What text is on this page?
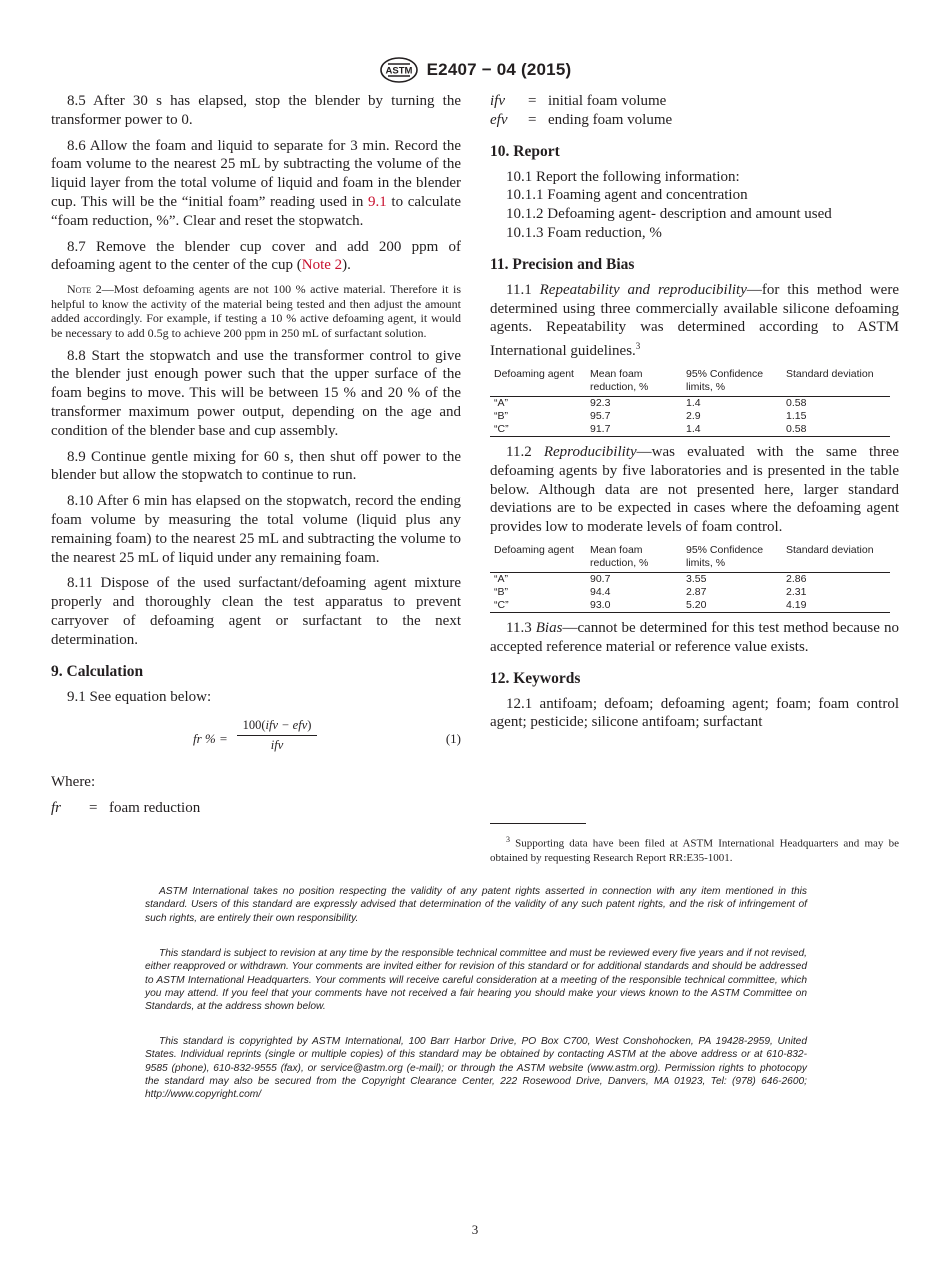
ASTM E2407 − 04 (2015)

8.5 After 30 s has elapsed, stop the blender by turning the transformer power to 0.

8.6 Allow the foam and liquid to separate for 3 min. Record the foam volume to the nearest 25 mL by subtracting the volume of the liquid layer from the total volume of liquid and foam in the blender cup. This will be the “initial foam” reading used in 9.1 to calculate “foam reduction, %”. Clear and reset the stopwatch.

8.7 Remove the blender cup cover and add 200 ppm of defoaming agent to the center of the cup (Note 2).

Note 2—Most defoaming agents are not 100 % active material. Therefore it is helpful to know the activity of the material being tested and then adjust the amount added accordingly. For example, if testing a 10 % active defoaming agent, it would be necessary to add 0.5g to achieve 200 ppm in 250 mL of surfactant solution.

8.8 Start the stopwatch and use the transformer control to give the blender just enough power such that the upper surface of the foam begins to move. This will be between 15 % and 20 % of the transformer maximum power output, depending on the age and condition of the blender base and cup assembly.

8.9 Continue gentle mixing for 60 s, then shut off power to the blender but allow the stopwatch to continue to run.

8.10 After 6 min has elapsed on the stopwatch, record the ending foam volume by measuring the total volume (liquid plus any remaining foam) to the nearest 25 mL and subtracting the volume to the nearest 25 mL of liquid under any remaining foam.

8.11 Dispose of the used surfactant/defoaming agent mixture properly and thoroughly clean the test apparatus to prevent carryover of defoaming agent or surfactant to the next determination.

9. Calculation

9.1 See equation below:

fr % =
100(ifv − efv)
ifv	(1)

Where:

fr	= foam reduction
ifv	= initial foam volume
efv	= ending foam volume
10. Report
10.1 Report the following information:
10.1.1 Foaming agent and concentration
10.1.2 Defoaming agent- description and amount used
10.1.3 Foam reduction, %
11. Precision and Bias

11.1 Repeatability and reproducibility—for this method were determined using three commercially available silicone defoaming agents. Repeatability was determined according to ASTM International guidelines.$^3$

Defoaming agent	Mean foam reduction, %	95% Confidence limits, %	Standard deviation
“A”	92.3	1.4	0.58
“B”	95.7	2.9	1.15
“C”	91.7	1.4	0.58

11.2 Reproducibility—was evaluated with the same three defoaming agents by five laboratories and is presented in the table below. Although data are not presented here, larger standard deviations are to be expected in cases where the defoaming agent provides low to moderate levels of foam control.

Defoaming agent	Mean foam reduction, %	95% Confidence limits, %	Standard deviation
“A”	90.7	3.55	2.86
“B”	94.4	2.87	2.31
“C”	93.0	5.20	4.19

11.3 Bias—cannot be determined for this test method because no accepted reference material or reference value exists.

12. Keywords

12.1 antifoam; defoam; defoaming agent; foam; foam control agent; pesticide; silicone antifoam; surfactant

$^3$ Supporting data have been filed at ASTM International Headquarters and may be obtained by requesting Research Report RR:E35-1001.
ASTM International takes no position respecting the validity of any patent rights asserted in connection with any item mentioned in this standard. Users of this standard are expressly advised that determination of the validity of any such patent rights, and the risk of infringement of such rights, are entirely their own responsibility.
This standard is subject to revision at any time by the responsible technical committee and must be reviewed every five years and if not revised, either reapproved or withdrawn. Your comments are invited either for revision of this standard or for additional standards and should be addressed to ASTM International Headquarters. Your comments will receive careful consideration at a meeting of the responsible technical committee, which you may attend. If you feel that your comments have not received a fair hearing you should make your views known to the ASTM Committee on Standards, at the address shown below.
This standard is copyrighted by ASTM International, 100 Barr Harbor Drive, PO Box C700, West Conshohocken, PA 19428-2959, United States. Individual reprints (single or multiple copies) of this standard may be obtained by contacting ASTM at the above address or at 610-832-9585 (phone), 610-832-9555 (fax), or service@astm.org (e-mail); or through the ASTM website (www.astm.org). Permission rights to photocopy the standard may also be secured from the Copyright Clearance Center, 222 Rosewood Drive, Danvers, MA 01923, Tel: (978) 646-2600; http://www.copyright.com/
3
